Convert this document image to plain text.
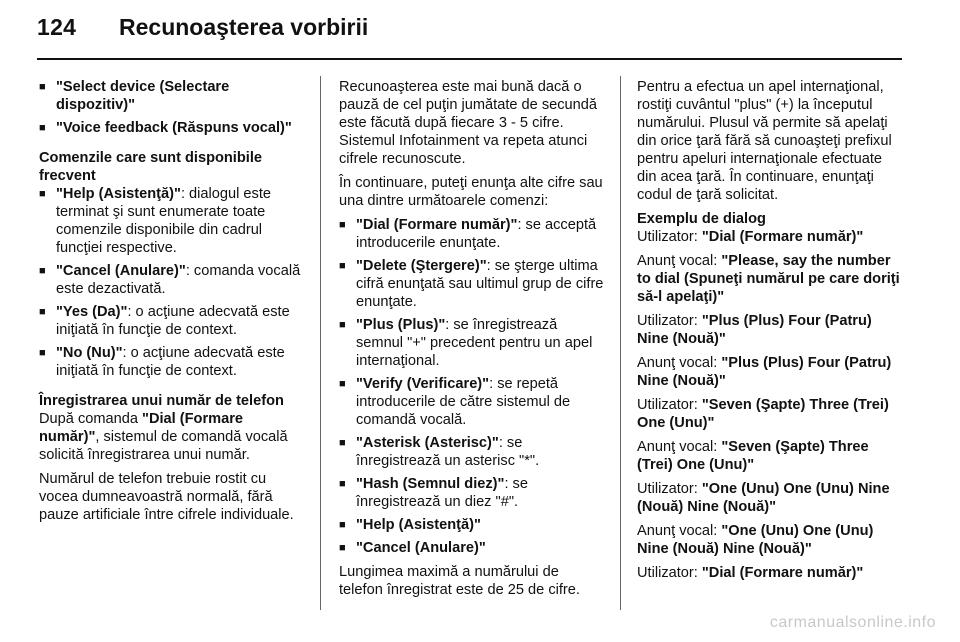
124 Recunoaşterea vorbirii
■ "Select device (Selectare dispozitiv)"
■ "Voice feedback (Răspuns vocal)"
Comenzile care sunt disponibile frecvent
■ "Help (Asistenţă)": dialogul este terminat şi sunt enumerate toate comenzile disponibile din cadrul funcţiei respective.
■ "Cancel (Anulare)": comanda vocală este dezactivată.
■ "Yes (Da)": o acţiune adecvată este iniţiată în funcţie de context.
■ "No (Nu)": o acţiune adecvată este iniţiată în funcţie de context.
Înregistrarea unui număr de telefon

După comanda "Dial (Formare număr)", sistemul de comandă vocală solicită înregistrarea unui număr.

Numărul de telefon trebuie rostit cu vocea dumneavoastră normală, fără pauze artificiale între cifrele individuale.

Recunoaşterea este mai bună dacă o pauză de cel puţin jumătate de secundă este făcută după fiecare 3 - 5 cifre. Sistemul Infotainment va repeta atunci cifrele recunoscute.

În continuare, puteţi enunţa alte cifre sau una dintre următoarele comenzi:

■ "Dial (Formare număr)": se acceptă introducerile enunţate.
■ "Delete (Ştergere)": se şterge ultima cifră enunţată sau ultimul grup de cifre enunţate.
■ "Plus (Plus)": se înregistrează semnul "+" precedent pentru un apel internaţional.
■ "Verify (Verificare)": se repetă introducerile de către sistemul de comandă vocală.
■ "Asterisk (Asterisc)": se înregistrează un asterisc "*".
■ "Hash (Semnul diez)": se înregistrează un diez "#".
■ "Help (Asistenţă)"
■ "Cancel (Anulare)"

Lungimea maximă a numărului de telefon înregistrat este de 25 de cifre.

Pentru a efectua un apel internaţional, rostiţi cuvântul "plus" (+) la începutul numărului. Plusul vă permite să apelaţi din orice ţară fără să cunoaşteţi prefixul pentru apeluri internaţionale efectuate din acea ţară. În continuare, enunţaţi codul de ţară solicitat.

Exemplu de dialog

Utilizator: "Dial (Formare număr)"

Anunţ vocal: "Please, say the number to dial (Spuneţi numărul pe care doriţi să-l apelaţi)"

Utilizator: "Plus (Plus) Four (Patru) Nine (Nouă)"

Anunţ vocal: "Plus (Plus) Four (Patru) Nine (Nouă)"

Utilizator: "Seven (Şapte) Three (Trei) One (Unu)"

Anunţ vocal: "Seven (Şapte) Three (Trei) One (Unu)"

Utilizator: "One (Unu) One (Unu) Nine (Nouă) Nine (Nouă)"

Anunţ vocal: "One (Unu) One (Unu) Nine (Nouă) Nine (Nouă)"

Utilizator: "Dial (Formare număr)"

carmanualsonline.info
